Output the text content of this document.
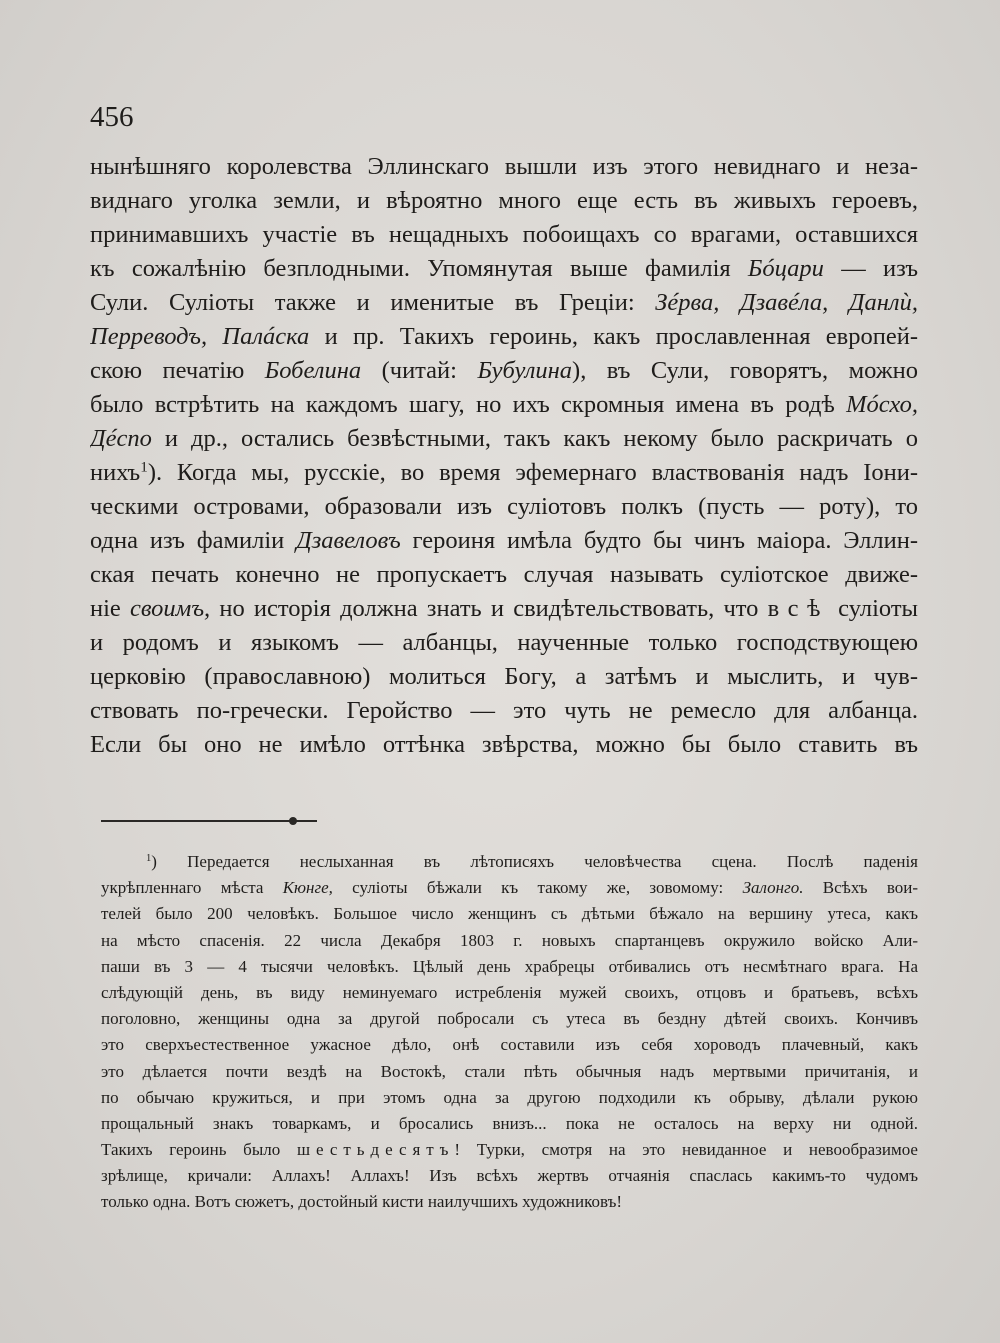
456
нынѣшняго королевства Эллинскаго вышли изъ этого невиднаго и неза-
виднаго уголка земли, и вѣроятно много еще есть въ живыхъ героевъ,
принимавшихъ участіе въ нещадныхъ побоищахъ со врагами, оставшихся
къ сожалѣнію безплодными. Упомянутая выше фамилія Бóцари — изъ
Сули. Суліоты также и именитые въ Греціи: Зéрва, Дзавéла, Данлù,
Перреводъ, Палáска и пр. Такихъ героинь, какъ прославленная европей-
скою печатію Бобелина (читай: Бубулина), въ Сули, говорятъ, можно
было встрѣтить на каждомъ шагу, но ихъ скромныя имена въ родѣ Мóсхо,
Дéспо и др., остались безвѣстными, такъ какъ некому было раскричать о
нихъ$^1$). Когда мы, русскіе, во время эфемернаго властвованія надъ Іони-
ческими островами, образовали изъ суліотовъ полкъ (пусть — роту), то
одна изъ фамиліи Дзавеловъ героиня имѣла будто бы чинъ маіора. Эллин-
ская печать конечно не пропускаетъ случая называть суліотское движе-
ніе своимъ, но исторія должна знать и свидѣтельствовать, что всѣ суліоты
и родомъ и языкомъ — албанцы, наученные только господствующею
церковію (православною) молиться Богу, а затѣмъ и мыслить, и чув-
ствовать по-гречески. Геройство — это чуть не ремесло для албанца.
Если бы оно не имѣло оттѣнка звѣрства, можно бы было ставить въ
$^1$) Передается неслыханная въ лѣтописяхъ человѣчества сцена. Послѣ паденія
укрѣпленнаго мѣста Кюнге, суліоты бѣжали къ такому же, зовомому: Залонго. Всѣхъ вои-
телей было 200 человѣкъ. Большое число женщинъ съ дѣтьми бѣжало на вершину утеса, какъ
на мѣсто спасенія. 22 числа Декабря 1803 г. новыхъ спартанцевъ окружило войско Али-
паши въ 3 — 4 тысячи человѣкъ. Цѣлый день храбрецы отбивались отъ несмѣтнаго врага. На
слѣдующій день, въ виду неминуемаго истребленія мужей своихъ, отцовъ и братьевъ, всѣхъ
поголовно, женщины одна за другой побросали съ утеса въ бездну дѣтей своихъ. Кончивъ
это сверхъестественное ужасное дѣло, онѣ составили изъ себя хороводъ плачевный, какъ
это дѣлается почти вездѣ на Востокѣ, стали пѣть обычныя надъ мертвыми причитанія, и
по обычаю кружиться, и при этомъ одна за другою подходили къ обрыву, дѣлали рукою
прощальный знакъ товаркамъ, и бросались внизъ... пока не осталось на верху ни одной.
Такихъ героинь было шестьдесятъ! Турки, смотря на это невиданное и невообразимое
зрѣлище, кричали: Аллахъ! Аллахъ! Изъ всѣхъ жертвъ отчаянія спаслась какимъ-то чудомъ
только одна. Вотъ сюжетъ, достойный кисти наилучшихъ художниковъ!
